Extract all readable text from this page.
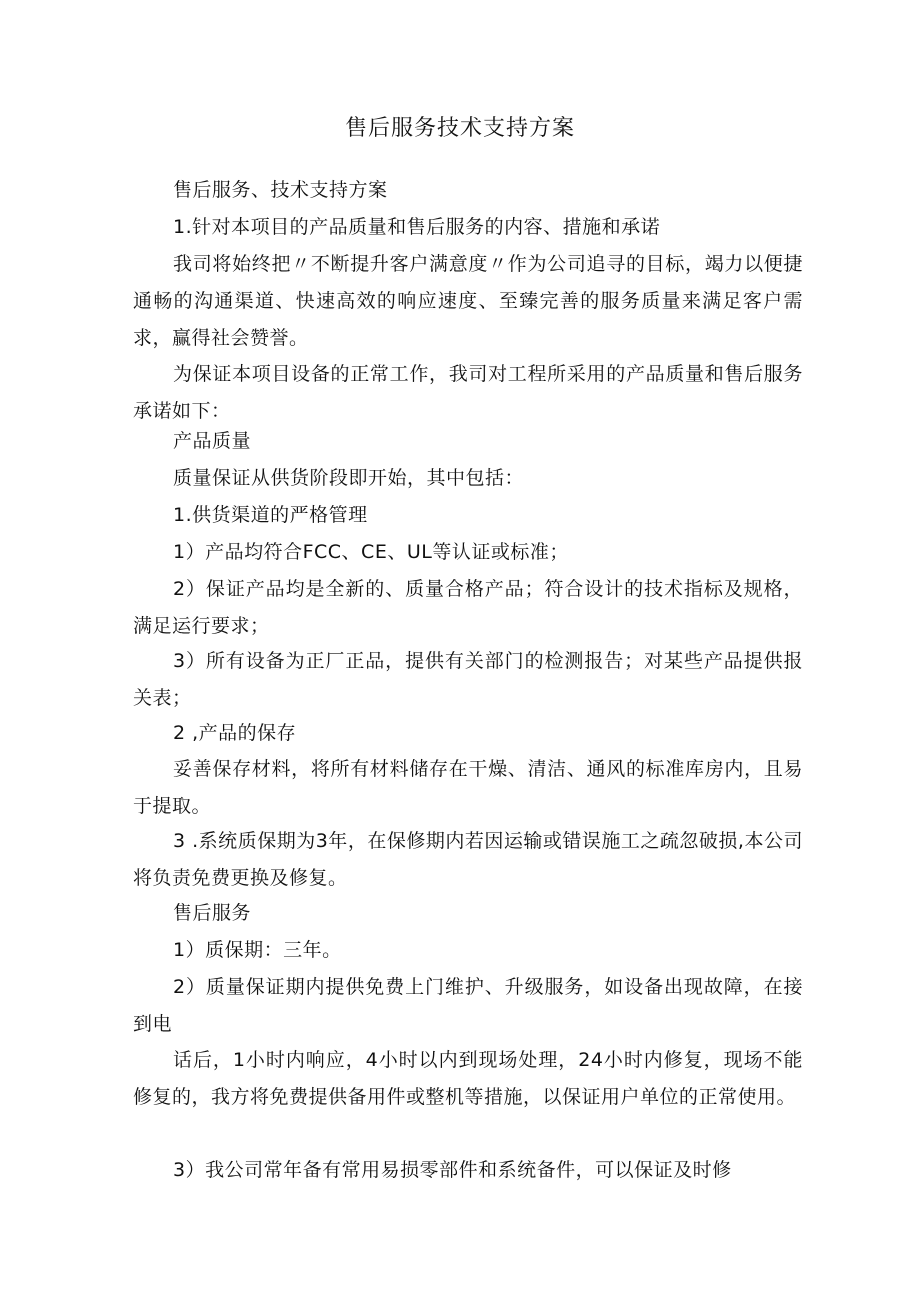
售后服务技术支持方案

售后服务、技术支持方案

1.针对本项目的产品质量和售后服务的内容、措施和承诺

我司将始终把〃不断提升客户满意度〃作为公司追寻的目标，竭力以便捷通畅的沟通渠道、快速高效的响应速度、至臻完善的服务质量来满足客户需求，赢得社会赞誉。

为保证本项目设备的正常工作，我司对工程所采用的产品质量和售后服务承诺如下：

产品质量

质量保证从供货阶段即开始，其中包括：

1.供货渠道的严格管理

1）产品均符合FCC、CE、UL等认证或标准；

2）保证产品均是全新的、质量合格产品；符合设计的技术指标及规格，满足运行要求；

3）所有设备为正厂正品，提供有关部门的检测报告；对某些产品提供报关表；

2 ,产品的保存

妥善保存材料，将所有材料储存在干燥、清洁、通风的标准库房内，且易于提取。

3 .系统质保期为3年，在保修期内若因运输或错误施工之疏忽破损,本公司将负责免费更换及修复。

售后服务

1）质保期：三年。

2）质量保证期内提供免费上门维护、升级服务，如设备出现故障，在接到电

话后，1小时内响应，4小时以内到现场处理，24小时内修复，现场不能修复的，我方将免费提供备用件或整机等措施，以保证用户单位的正常使用。

3）我公司常年备有常用易损零部件和系统备件，可以保证及时修
